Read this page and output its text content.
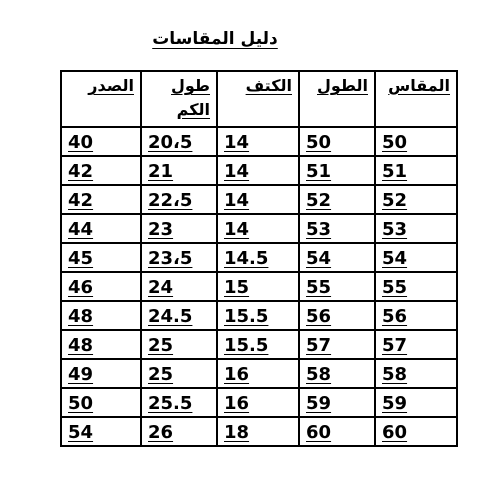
دليل المقاسات
المقاس	الطول	الكتف	طول الكم	الصدر
50	50	14	20،5	40
51	51	14	21	42
52	52	14	22،5	42
53	53	14	23	44
54	54	14.5	23،5	45
55	55	15	24	46
56	56	15.5	24.5	48
57	57	15.5	25	48
58	58	16	25	49
59	59	16	25.5	50
60	60	18	26	54
